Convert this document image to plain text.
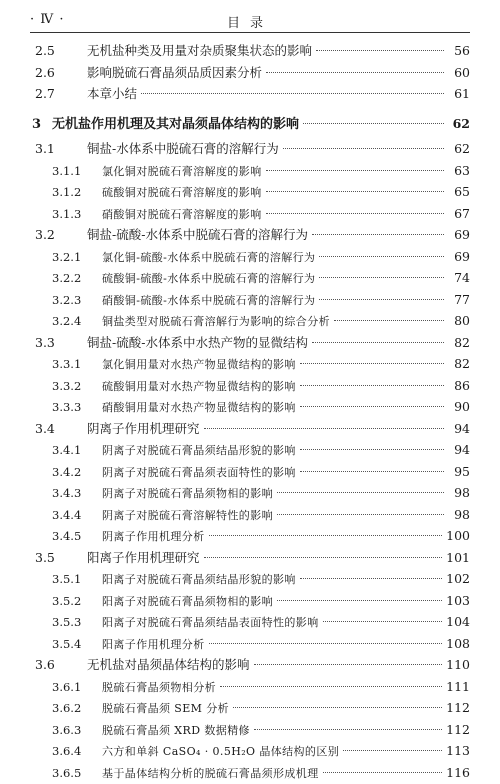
· Ⅳ ·	目录
2.5	无机盐种类及用量对杂质聚集状态的影响	56
2.6	影响脱硫石膏晶须品质因素分析	60
2.7	本章小结	61
3 无机盐作用机理及其对晶须晶体结构的影响	62
3.1	铜盐-水体系中脱硫石膏的溶解行为	62
3.1.1	氯化铜对脱硫石膏溶解度的影响	63
3.1.2	硫酸铜对脱硫石膏溶解度的影响	65
3.1.3	硝酸铜对脱硫石膏溶解度的影响	67
3.2	铜盐-硫酸-水体系中脱硫石膏的溶解行为	69
3.2.1	氯化铜-硫酸-水体系中脱硫石膏的溶解行为	69
3.2.2	硫酸铜-硫酸-水体系中脱硫石膏的溶解行为	74
3.2.3	硝酸铜-硫酸-水体系中脱硫石膏的溶解行为	77
3.2.4	铜盐类型对脱硫石膏溶解行为影响的综合分析	80
3.3	铜盐-硫酸-水体系中水热产物的显微结构	82
3.3.1	氯化铜用量对水热产物显微结构的影响	82
3.3.2	硫酸铜用量对水热产物显微结构的影响	86
3.3.3	硝酸铜用量对水热产物显微结构的影响	90
3.4	阴离子作用机理研究	94
3.4.1	阴离子对脱硫石膏晶须结晶形貌的影响	94
3.4.2	阴离子对脱硫石膏晶须表面特性的影响	95
3.4.3	阴离子对脱硫石膏晶须物相的影响	98
3.4.4	阴离子对脱硫石膏溶解特性的影响	98
3.4.5	阴离子作用机理分析	100
3.5	阳离子作用机理研究	101
3.5.1	阳离子对脱硫石膏晶须结晶形貌的影响	102
3.5.2	阳离子对脱硫石膏晶须物相的影响	103
3.5.3	阳离子对脱硫石膏晶须结晶表面特性的影响	104
3.5.4	阳离子作用机理分析	108
3.6	无机盐对晶须晶体结构的影响	110
3.6.1	脱硫石膏晶须物相分析	111
3.6.2	脱硫石膏晶须 SEM 分析	112
3.6.3	脱硫石膏晶须 XRD 数据精修	112
3.6.4	六方和单斜 CaSO₄ · 0.5H₂O 晶体结构的区别	113
3.6.5	基于晶体结构分析的脱硫石膏晶须形成机理	116
